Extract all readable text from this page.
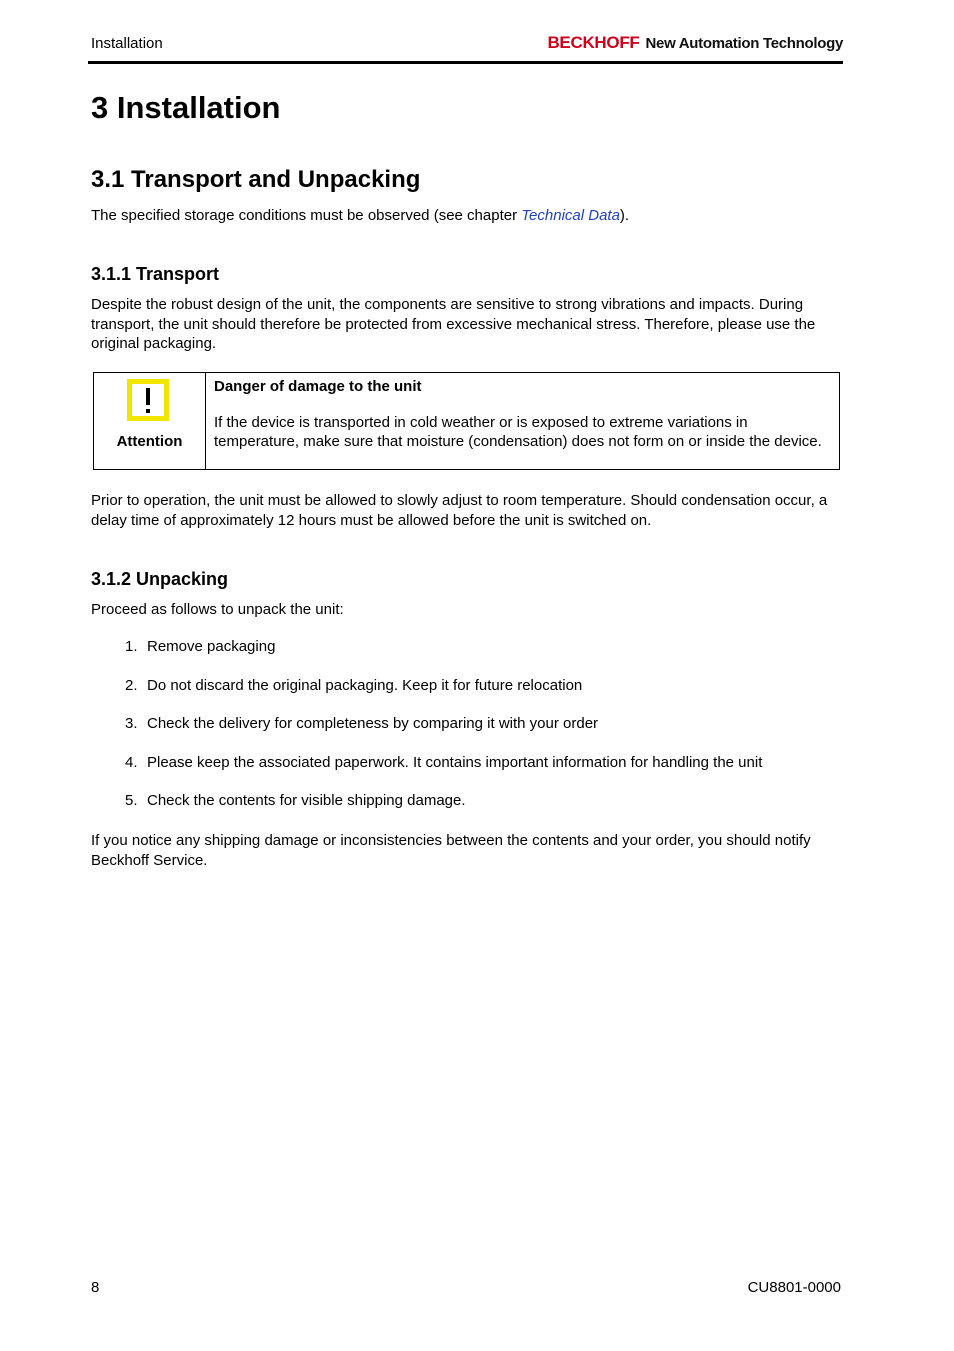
Installation	BECKHOFF New Automation Technology
3 Installation
3.1 Transport and Unpacking
The specified storage conditions must be observed (see chapter Technical Data).
3.1.1 Transport
Despite the robust design of the unit, the components are sensitive to strong vibrations and impacts. During transport, the unit should therefore be protected from excessive mechanical stress. Therefore, please use the original packaging.
Attention
Danger of damage to the unit
If the device is transported in cold weather or is exposed to extreme variations in temperature, make sure that moisture (condensation) does not form on or inside the device.
Prior to operation, the unit must be allowed to slowly adjust to room temperature. Should condensation occur, a delay time of approximately 12 hours must be allowed before the unit is switched on.
3.1.2 Unpacking
Proceed as follows to unpack the unit:
1. Remove packaging
2. Do not discard the original packaging. Keep it for future relocation
3. Check the delivery for completeness by comparing it with your order
4. Please keep the associated paperwork. It contains important information for handling the unit
5. Check the contents for visible shipping damage.
If you notice any shipping damage or inconsistencies between the contents and your order, you should notify Beckhoff Service.
8	CU8801-0000
